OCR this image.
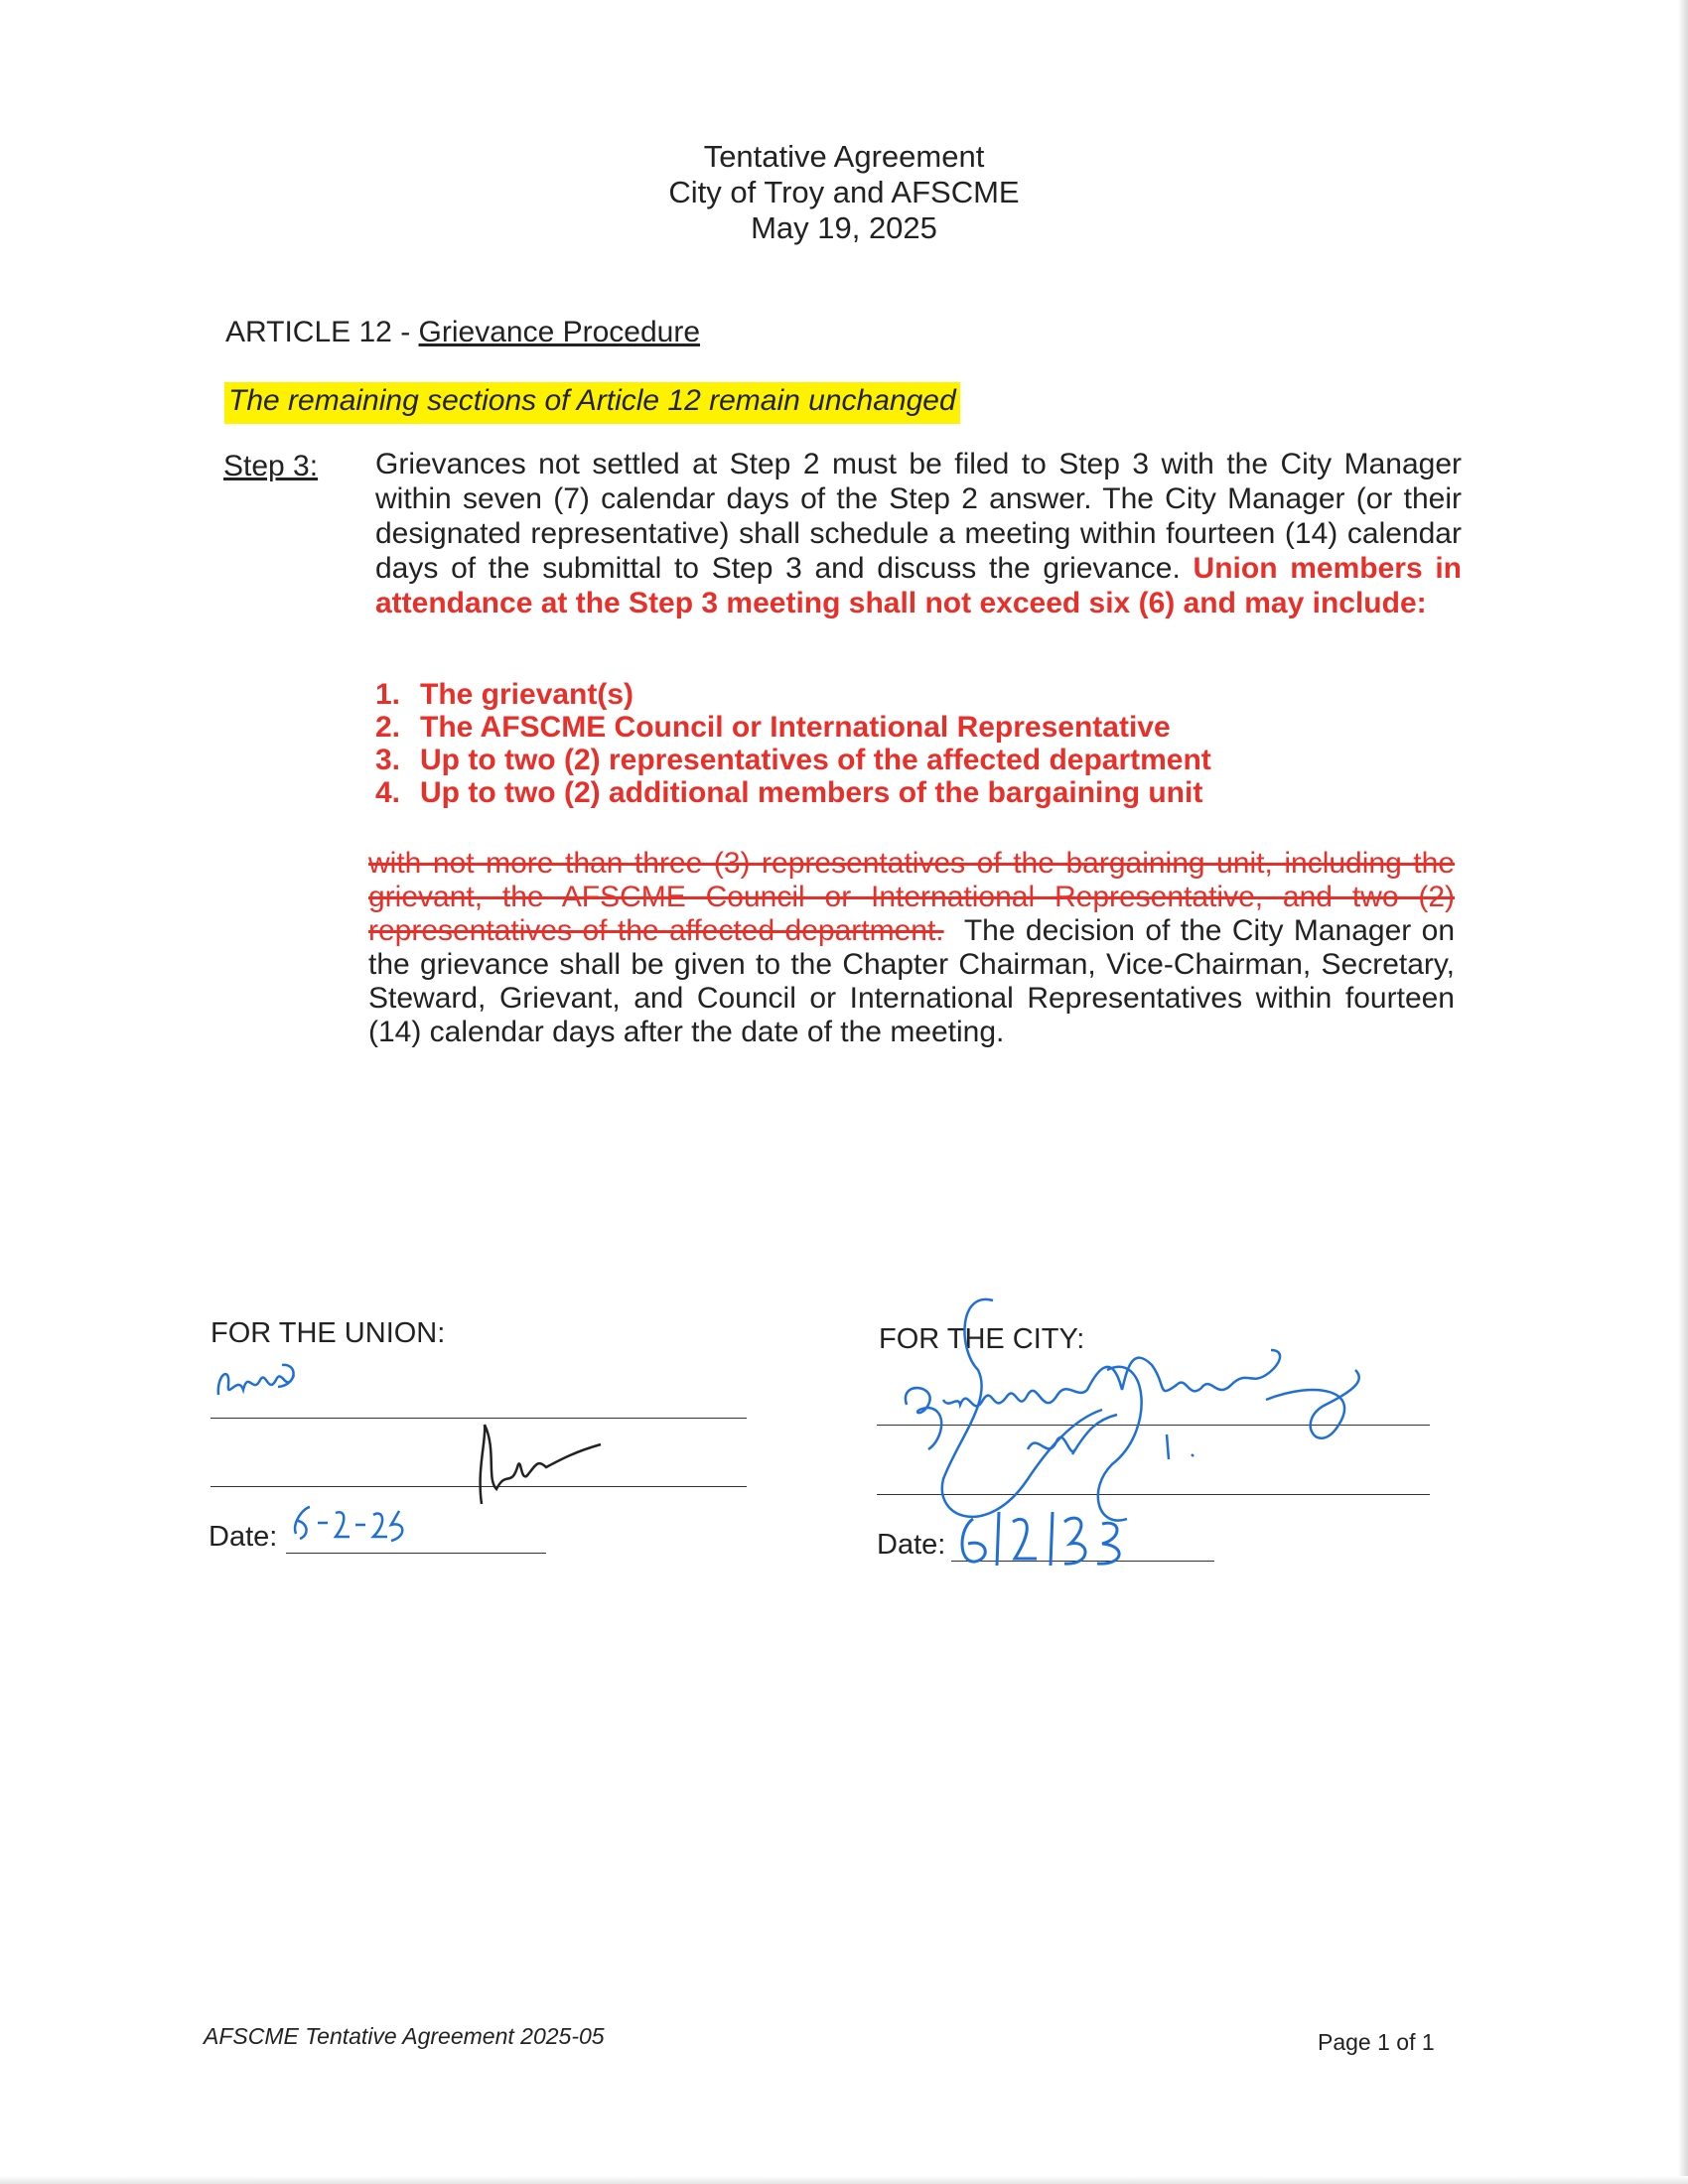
Tentative Agreement
City of Troy and AFSCME
May 19, 2025
ARTICLE 12 - Grievance Procedure
The remaining sections of Article 12 remain unchanged
Step 3: Grievances not settled at Step 2 must be filed to Step 3 with the City Manager within seven (7) calendar days of the Step 2 answer. The City Manager (or their designated representative) shall schedule a meeting within fourteen (14) calendar days of the submittal to Step 3 and discuss the grievance. Union members in attendance at the Step 3 meeting shall not exceed six (6) and may include:
1. The grievant(s)
2. The AFSCME Council or International Representative
3. Up to two (2) representatives of the affected department
4. Up to two (2) additional members of the bargaining unit
with not more than three (3) representatives of the bargaining unit, including the grievant, the AFSCME Council or International Representative, and two (2) representatives of the affected department. The decision of the City Manager on the grievance shall be given to the Chapter Chairman, Vice-Chairman, Secretary, Steward, Grievant, and Council or International Representatives within fourteen (14) calendar days after the date of the meeting.
FOR THE UNION:
Date:
FOR THE CITY:
Date:
AFSCME Tentative Agreement 2025-05	Page 1 of 1
